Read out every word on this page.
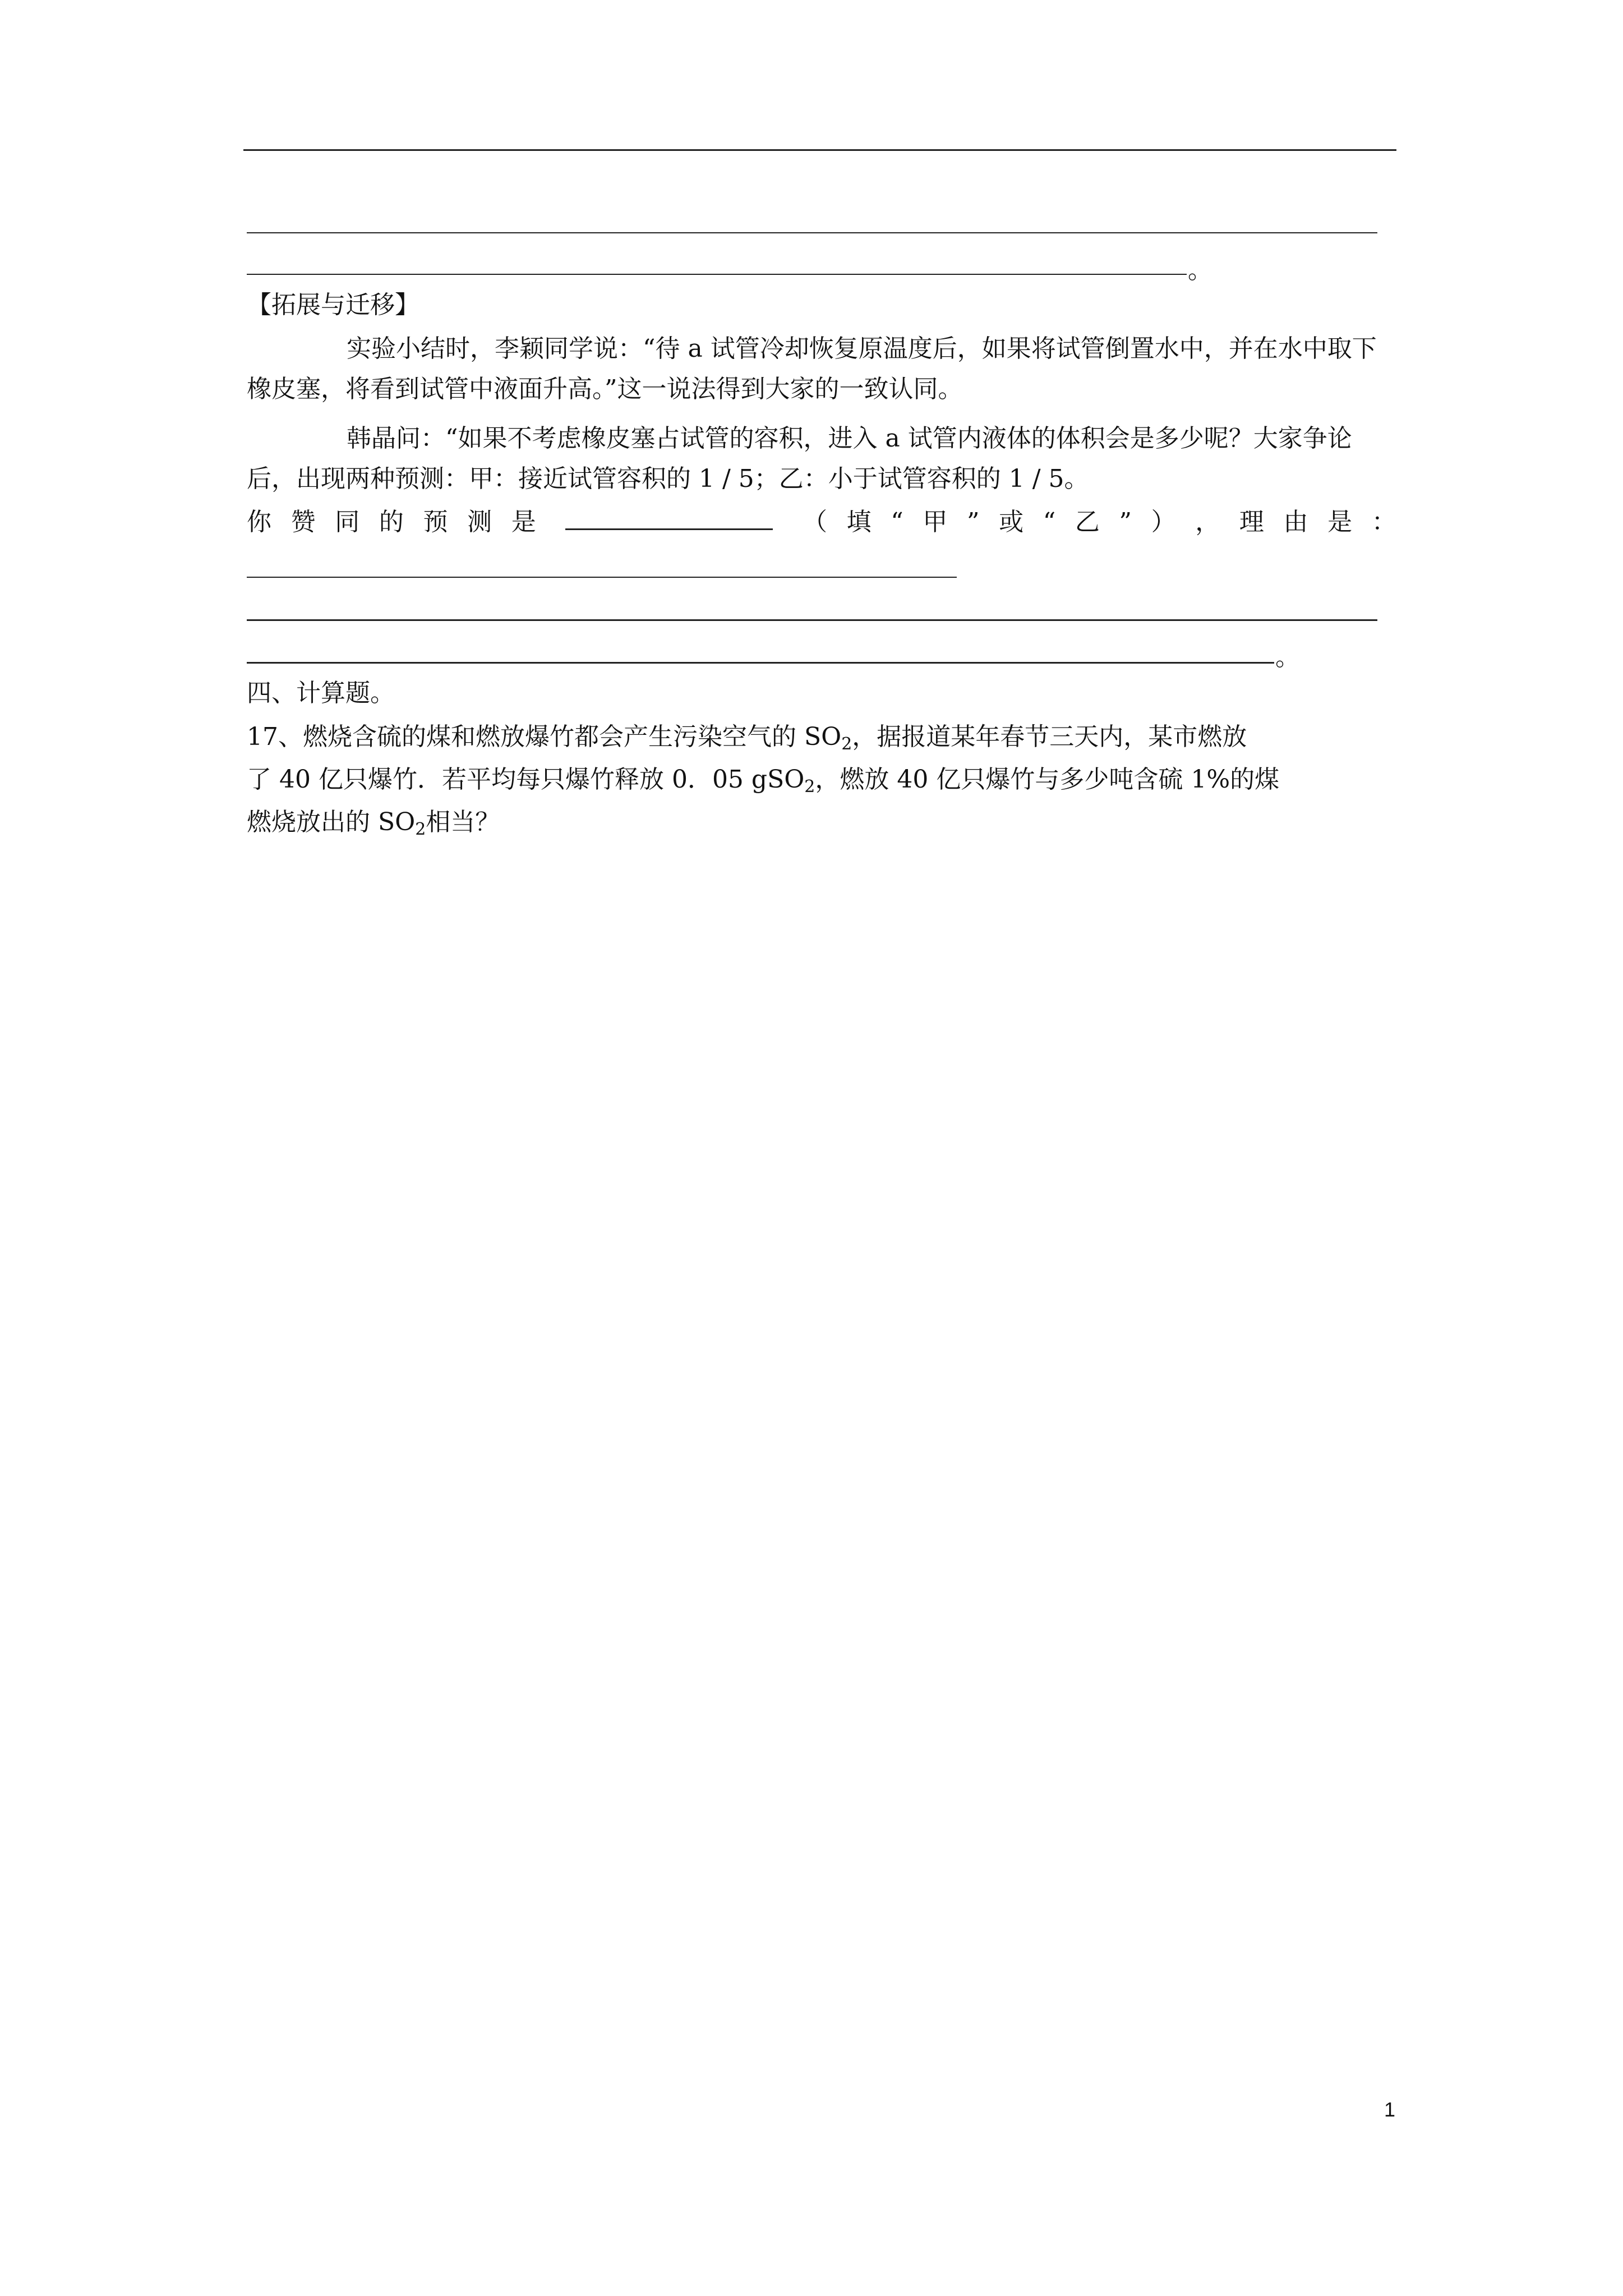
。
【拓展与迁移】
实验小结时，李颖同学说：“待 a 试管冷却恢复原温度后，如果将试管倒置水中，并在水中取下橡皮塞，将看到试管中液面升高。”这一说法得到大家的一致认同。
韩晶问：“如果不考虑橡皮塞占试管的容积，进入 a 试管内液体的体积会是多少呢？大家争论后，出现两种预测：甲：接近试管容积的 1 / 5；乙：小于试管容积的 1 / 5。
你 赞 同 的 预 测 是	（ 填 “ 甲 ” 或 “ 乙 ” ） ， 理 由 是 ：
。
四、计算题。
17、燃烧含硫的煤和燃放爆竹都会产生污染空气的 $SO_2$，据报道某年春节三天内，某市燃放
了 40 亿只爆竹．若平均每只爆竹释放 0．05 gSO$_2$，燃放 40 亿只爆竹与多少吨含硫 1%的煤
燃烧放出的 $SO_2$相当？
1
